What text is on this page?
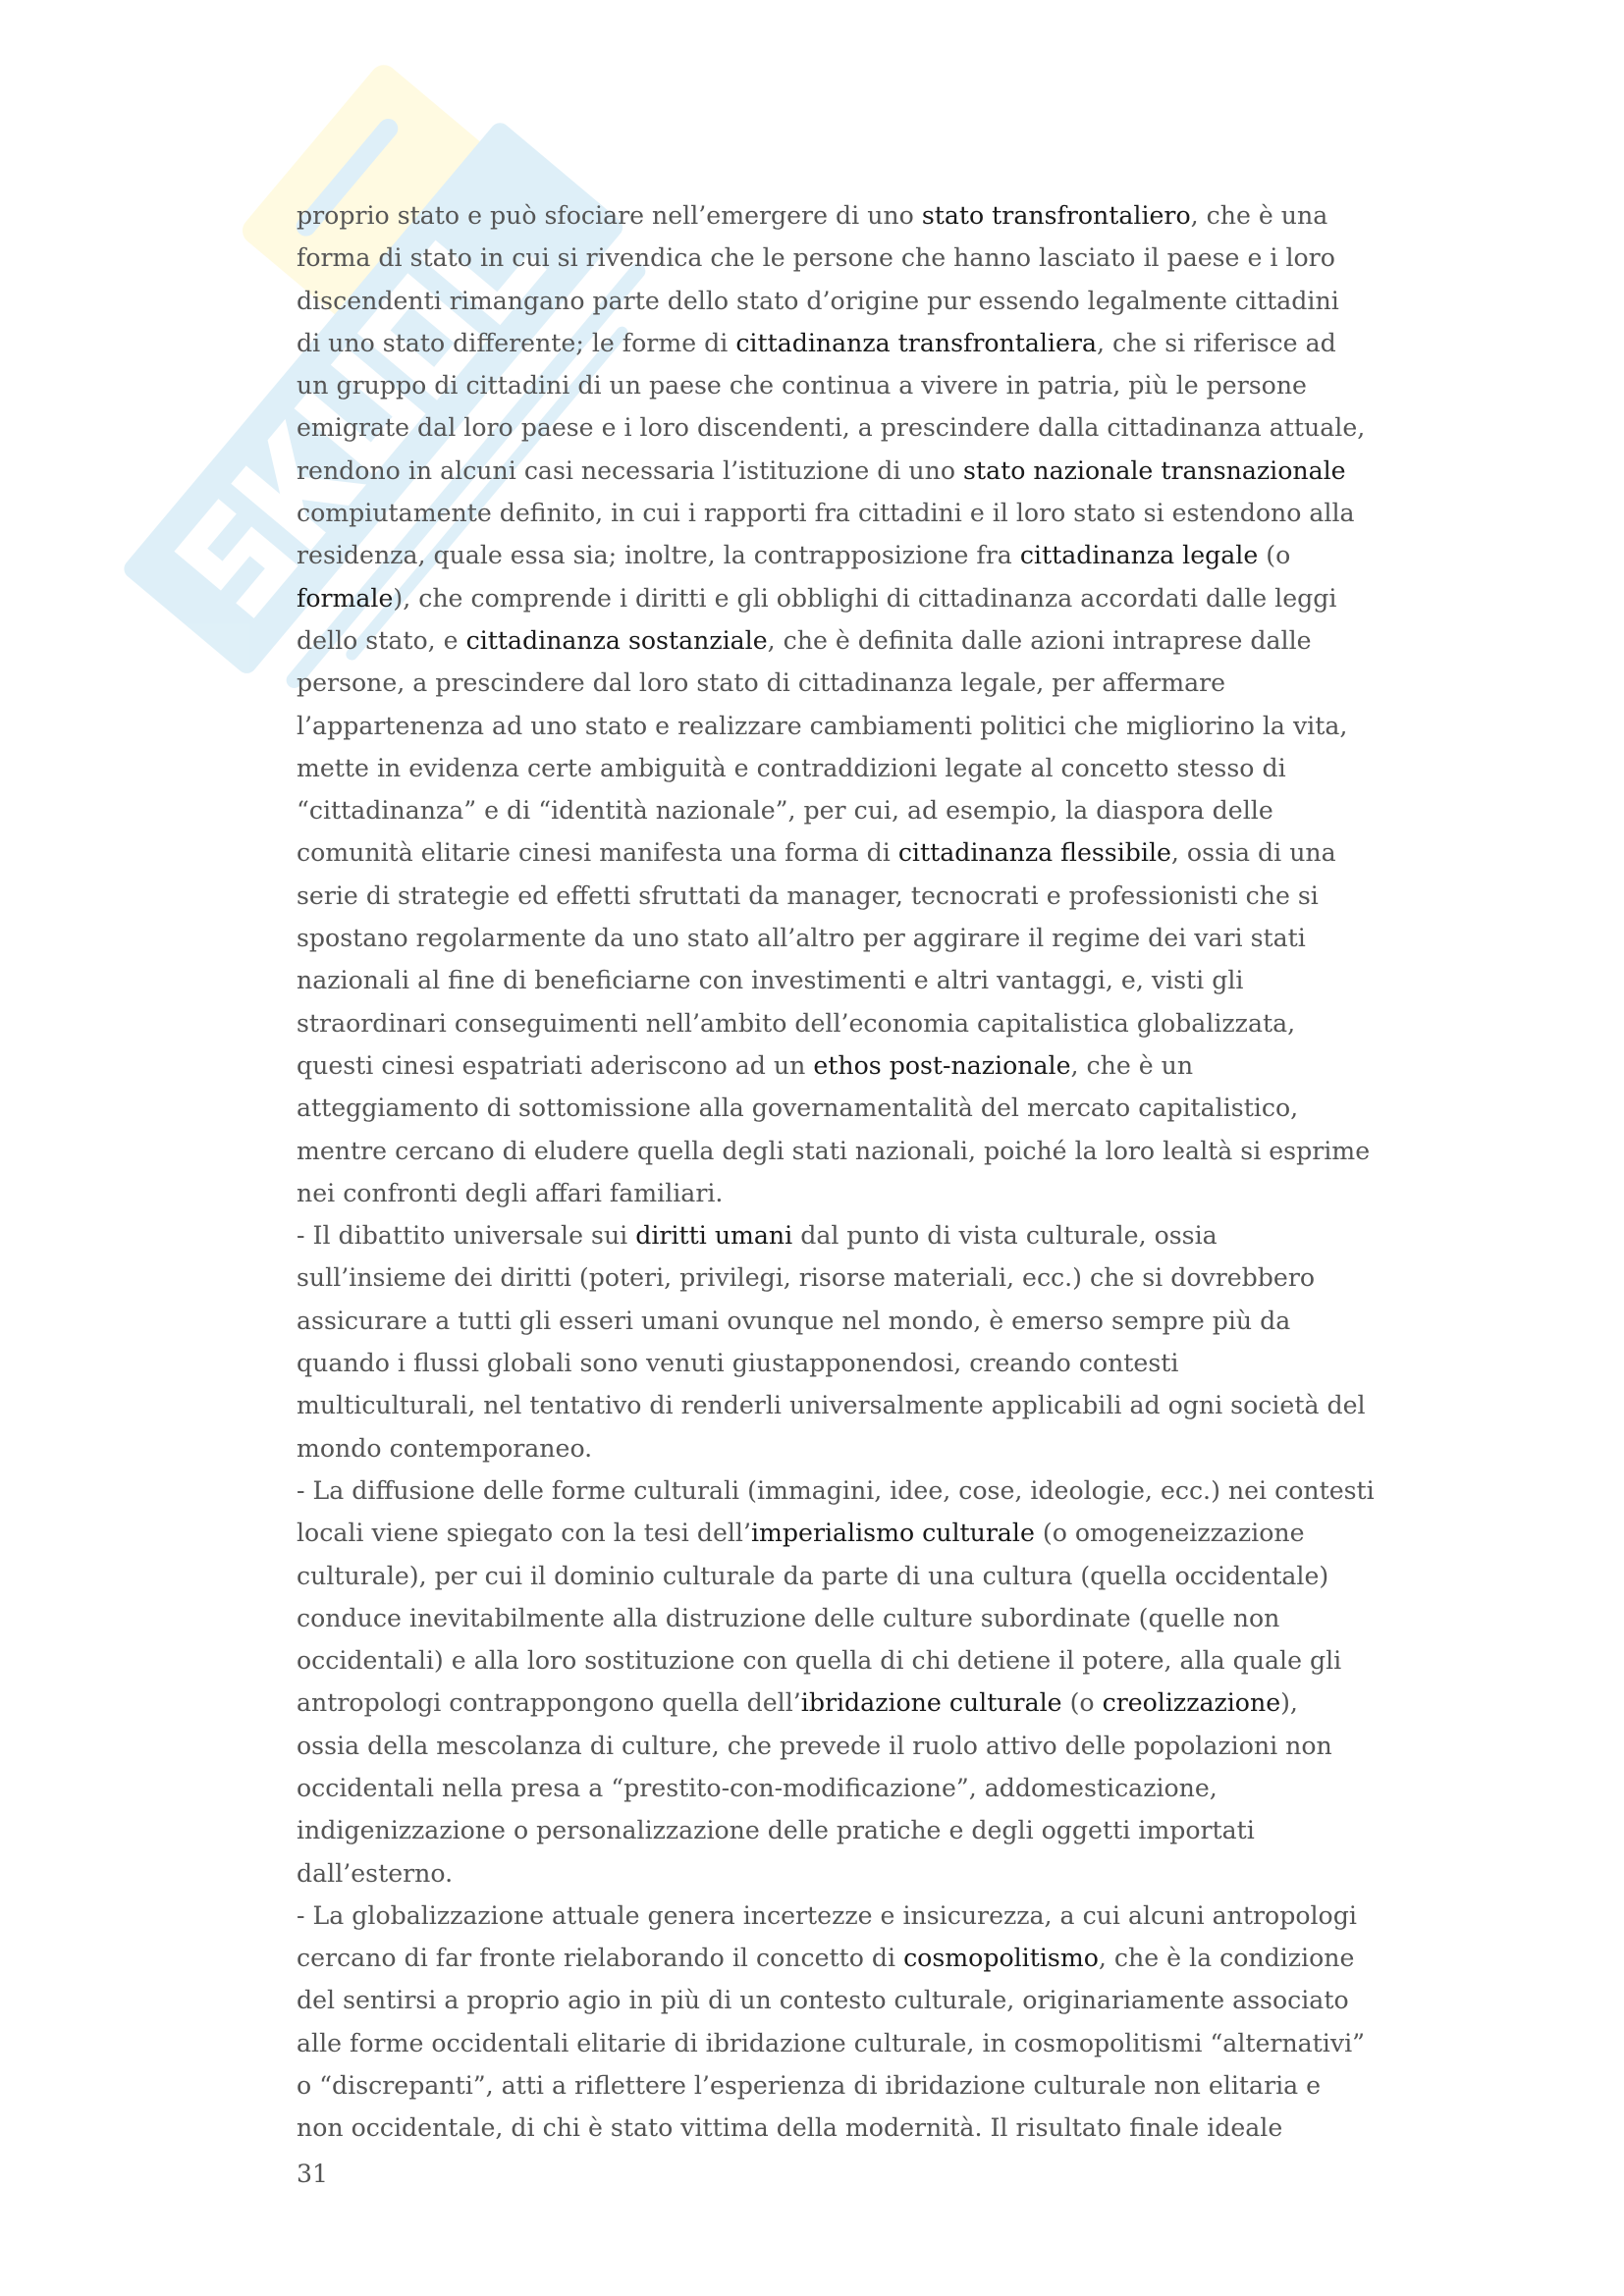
proprio stato e può sfociare nell’emergere di uno stato transfrontaliero, che è una
forma di stato in cui si rivendica che le persone che hanno lasciato il paese e i loro
discendenti rimangano parte dello stato d’origine pur essendo legalmente cittadini
di uno stato differente; le forme di cittadinanza transfrontaliera, che si riferisce ad
un gruppo di cittadini di un paese che continua a vivere in patria, più le persone
emigrate dal loro paese e i loro discendenti, a prescindere dalla cittadinanza attuale,
rendono in alcuni casi necessaria l’istituzione di uno stato nazionale transnazionale
compiutamente definito, in cui i rapporti fra cittadini e il loro stato si estendono alla
residenza, quale essa sia; inoltre, la contrapposizione fra cittadinanza legale (o
formale), che comprende i diritti e gli obblighi di cittadinanza accordati dalle leggi
dello stato, e cittadinanza sostanziale, che è definita dalle azioni intraprese dalle
persone, a prescindere dal loro stato di cittadinanza legale, per affermare
l’appartenenza ad uno stato e realizzare cambiamenti politici che migliorino la vita,
mette in evidenza certe ambiguità e contraddizioni legate al concetto stesso di
“cittadinanza” e di “identità nazionale”, per cui, ad esempio, la diaspora delle
comunità elitarie cinesi manifesta una forma di cittadinanza flessibile, ossia di una
serie di strategie ed effetti sfruttati da manager, tecnocrati e professionisti che si
spostano regolarmente da uno stato all’altro per aggirare il regime dei vari stati
nazionali al fine di beneficiarne con investimenti e altri vantaggi, e, visti gli
straordinari conseguimenti nell’ambito dell’economia capitalistica globalizzata,
questi cinesi espatriati aderiscono ad un ethos post-nazionale, che è un
atteggiamento di sottomissione alla governamentalità del mercato capitalistico,
mentre cercano di eludere quella degli stati nazionali, poiché la loro lealtà si esprime
nei confronti degli affari familiari.
- Il dibattito universale sui diritti umani dal punto di vista culturale, ossia
sull’insieme dei diritti (poteri, privilegi, risorse materiali, ecc.) che si dovrebbero
assicurare a tutti gli esseri umani ovunque nel mondo, è emerso sempre più da
quando i flussi globali sono venuti giustapponendosi, creando contesti
multiculturali, nel tentativo di renderli universalmente applicabili ad ogni società del
mondo contemporaneo.
- La diffusione delle forme culturali (immagini, idee, cose, ideologie, ecc.) nei contesti
locali viene spiegato con la tesi dell’imperialismo culturale (o omogeneizzazione
culturale), per cui il dominio culturale da parte di una cultura (quella occidentale)
conduce inevitabilmente alla distruzione delle culture subordinate (quelle non
occidentali) e alla loro sostituzione con quella di chi detiene il potere, alla quale gli
antropologi contrappongono quella dell’ibridazione culturale (o creolizzazione),
ossia della mescolanza di culture, che prevede il ruolo attivo delle popolazioni non
occidentali nella presa a “prestito-con-modificazione”, addomesticazione,
indigenizzazione o personalizzazione delle pratiche e degli oggetti importati
dall’esterno.
- La globalizzazione attuale genera incertezze e insicurezza, a cui alcuni antropologi
cercano di far fronte rielaborando il concetto di cosmopolitismo, che è la condizione
del sentirsi a proprio agio in più di un contesto culturale, originariamente associato
alle forme occidentali elitarie di ibridazione culturale, in cosmopolitismi “alternativi”
o “discrepanti”, atti a riflettere l’esperienza di ibridazione culturale non elitaria e
non occidentale, di chi è stato vittima della modernità. Il risultato finale ideale
31
